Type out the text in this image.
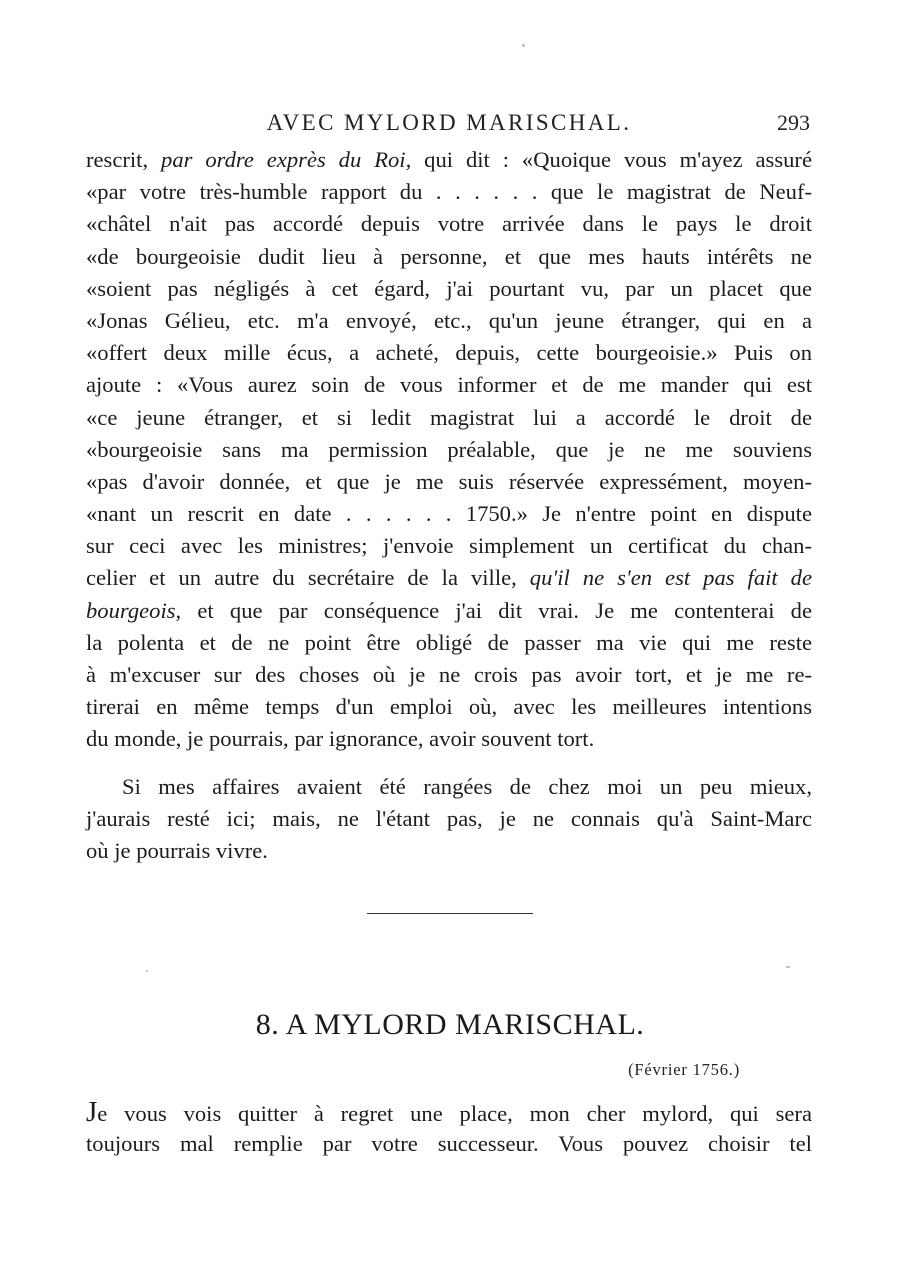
AVEC MYLORD MARISCHAL.	293
rescrit, par ordre exprès du Roi, qui dit : «Quoique vous m'ayez assuré
«par votre très-humble rapport du . . . . . . que le magistrat de Neuf-
«châtel n'ait pas accordé depuis votre arrivée dans le pays le droit
«de bourgeoisie dudit lieu à personne, et que mes hauts intérêts ne
«soient pas négligés à cet égard, j'ai pourtant vu, par un placet que
«Jonas Gélieu, etc. m'a envoyé, etc., qu'un jeune étranger, qui en a
«offert deux mille écus, a acheté, depuis, cette bourgeoisie.» Puis on
ajoute : «Vous aurez soin de vous informer et de me mander qui est
«ce jeune étranger, et si ledit magistrat lui a accordé le droit de
«bourgeoisie sans ma permission préalable, que je ne me souviens
«pas d'avoir donnée, et que je me suis réservée expressément, moyen-
«nant un rescrit en date . . . . . . 1750.» Je n'entre point en dispute
sur ceci avec les ministres; j'envoie simplement un certificat du chan-
celier et un autre du secrétaire de la ville, qu'il ne s'en est pas fait de
bourgeois, et que par conséquence j'ai dit vrai. Je me contenterai de
la polenta et de ne point être obligé de passer ma vie qui me reste
à m'excuser sur des choses où je ne crois pas avoir tort, et je me re-
tirerai en même temps d'un emploi où, avec les meilleures intentions
du monde, je pourrais, par ignorance, avoir souvent tort.
Si mes affaires avaient été rangées de chez moi un peu mieux,
j'aurais resté ici; mais, ne l'étant pas, je ne connais qu'à Saint-Marc
où je pourrais vivre.
8. A MYLORD MARISCHAL.
(Février 1756.)
Je vous vois quitter à regret une place, mon cher mylord, qui sera
toujours mal remplie par votre successeur. Vous pouvez choisir tel
